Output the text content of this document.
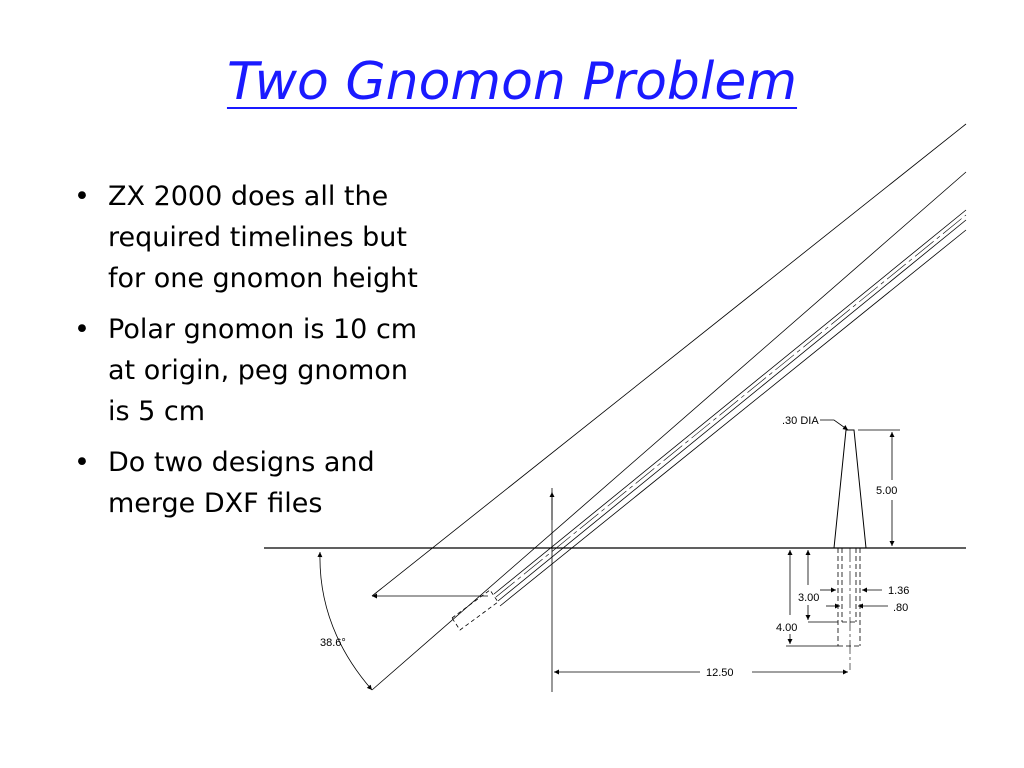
Two Gnomon Problem
• ZX 2000 does all the
required timelines but
for one gnomon height
• Polar gnomon is 10 cm
at origin, peg gnomon
is 5 cm
• Do two designs and
merge DXF files
38.6°
.30 DIA
5.00
3.00
4.00
1.36
.80
12.50
